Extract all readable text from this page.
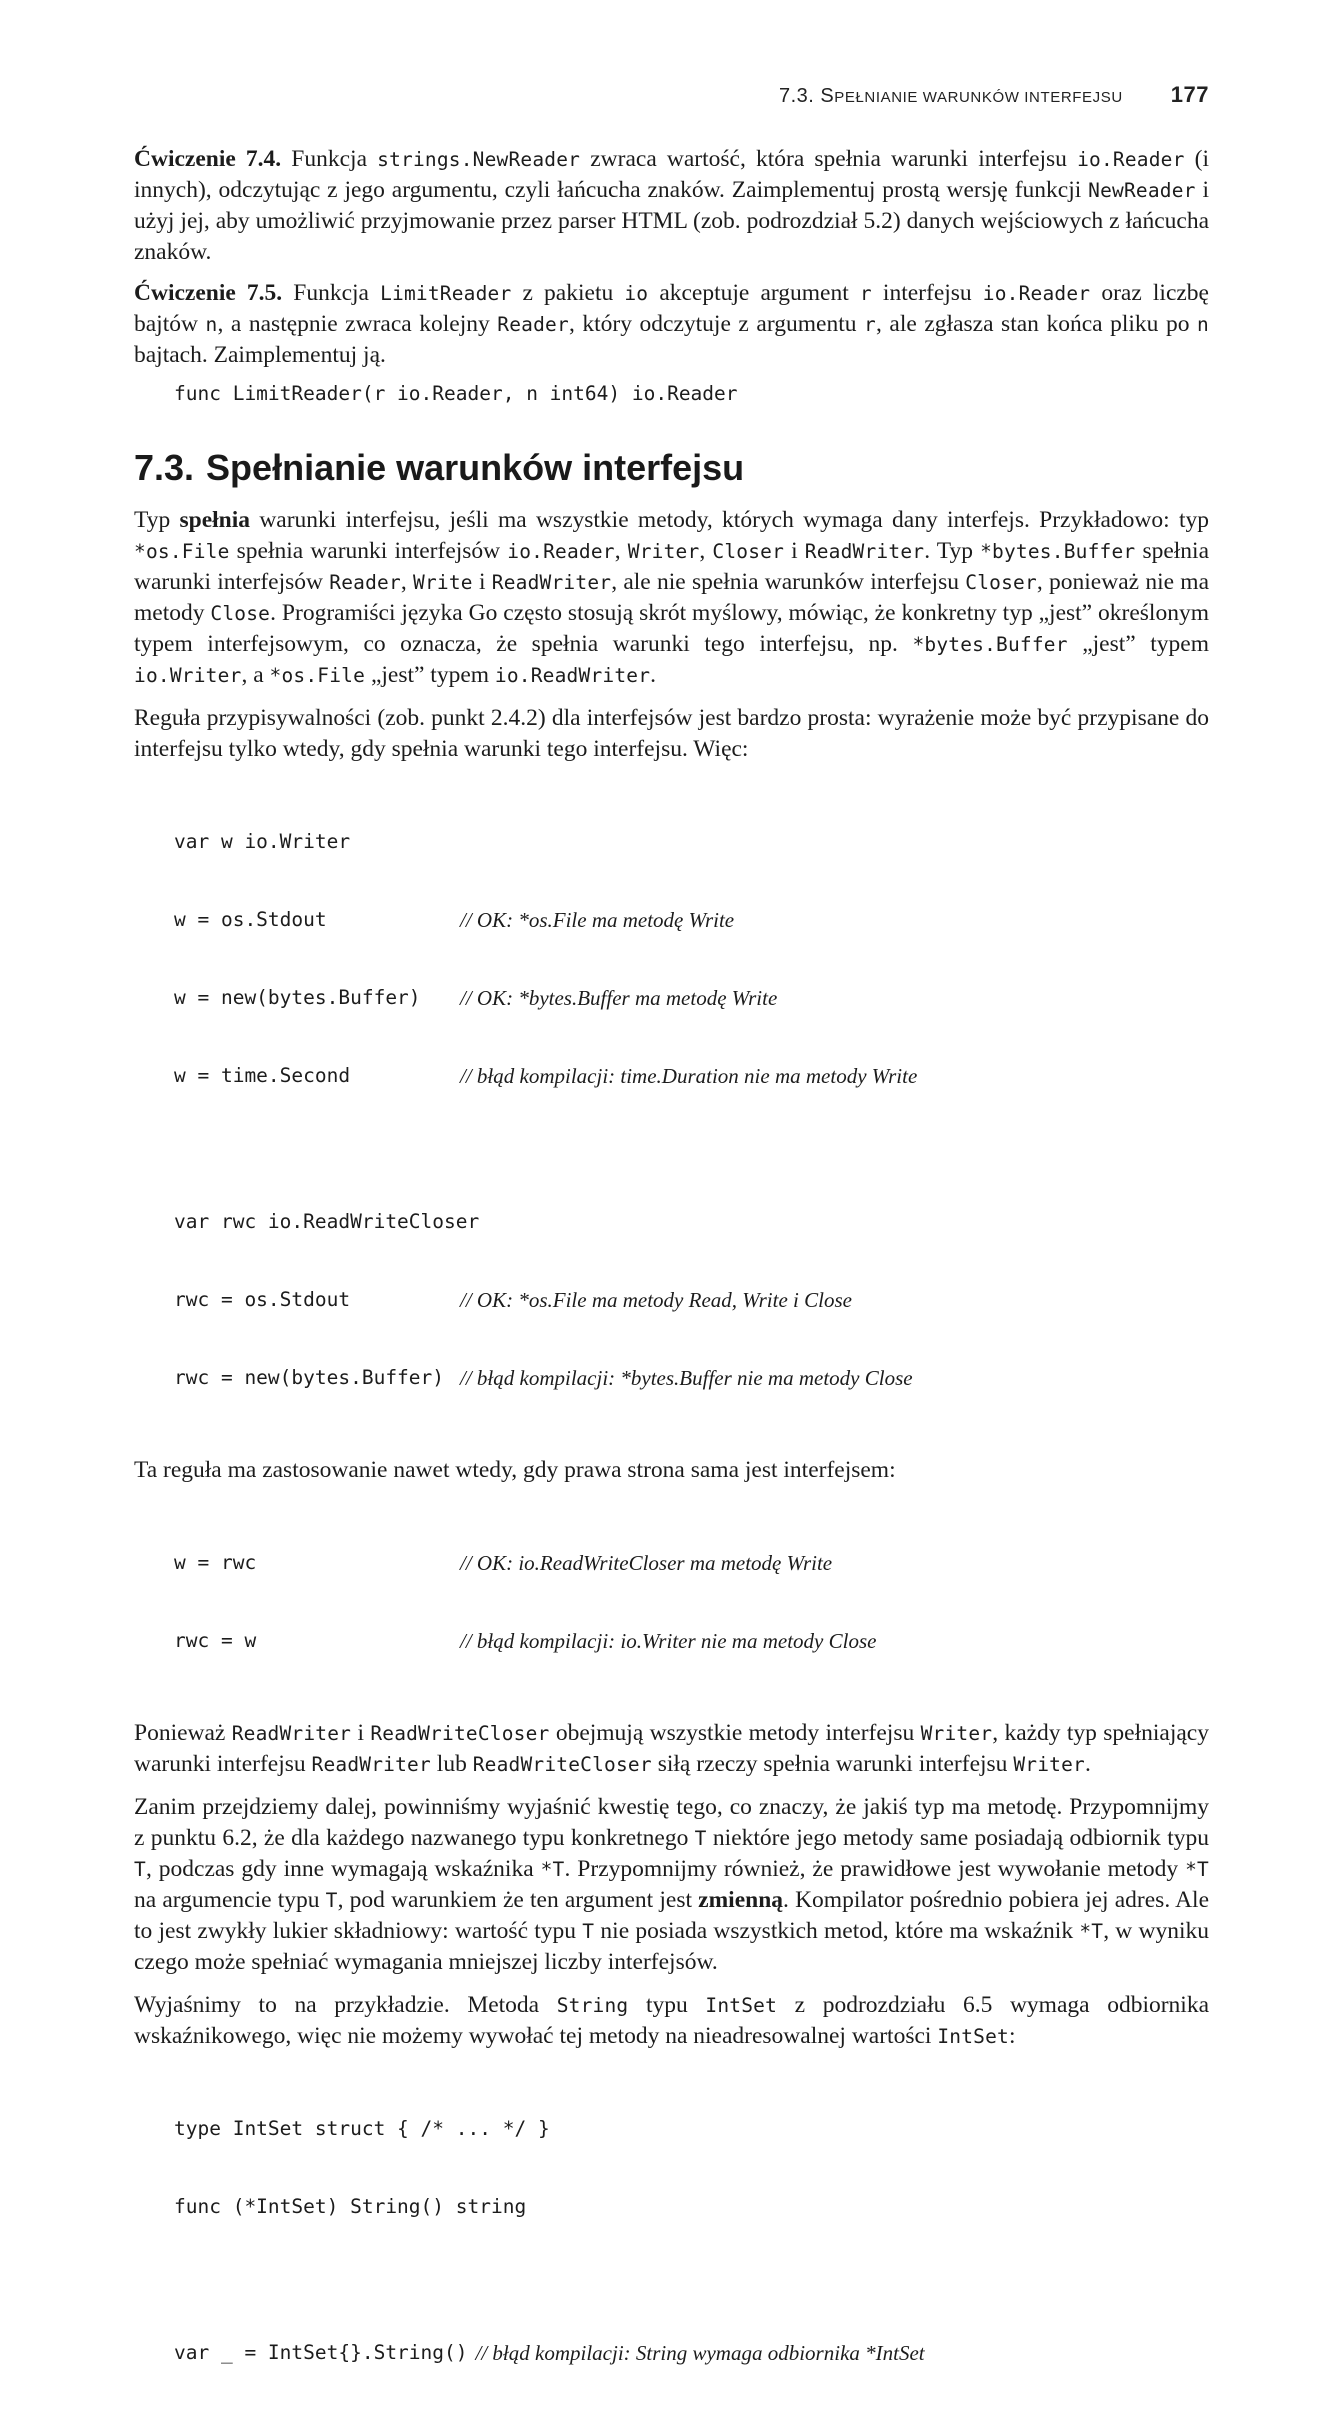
7.3. SPEŁNIANIE WARUNKÓW INTERFEJSU 177

Ćwiczenie 7.4. Funkcja strings.NewReader zwraca wartość, która spełnia warunki interfejsu io.Reader (i innych), odczytując z jego argumentu, czyli łańcucha znaków. Zaimplementuj prostą wersję funkcji NewReader i użyj jej, aby umożliwić przyjmowanie przez parser HTML (zob. podrozdział 5.2) danych wejściowych z łańcucha znaków.

Ćwiczenie 7.5. Funkcja LimitReader z pakietu io akceptuje argument r interfejsu io.Reader oraz liczbę bajtów n, a następnie zwraca kolejny Reader, który odczytuje z argumentu r, ale zgłasza stan końca pliku po n bajtach. Zaimplementuj ją.

func LimitReader(r io.Reader, n int64) io.Reader
7.3. Spełnianie warunków interfejsu

Typ spełnia warunki interfejsu, jeśli ma wszystkie metody, których wymaga dany interfejs. Przykładowo: typ *os.File spełnia warunki interfejsów io.Reader, Writer, Closer i ReadWriter. Typ *bytes.Buffer spełnia warunki interfejsów Reader, Write i ReadWriter, ale nie spełnia warunków interfejsu Closer, ponieważ nie ma metody Close. Programiści języka Go często stosują skrót myślowy, mówiąc, że konkretny typ „jest” określonym typem interfejsowym, co oznacza, że spełnia warunki tego interfejsu, np. *bytes.Buffer „jest” typem io.Writer, a *os.File „jest” typem io.ReadWriter.

Reguła przypisywalności (zob. punkt 2.4.2) dla interfejsów jest bardzo prosta: wyrażenie może być przypisane do interfejsu tylko wtedy, gdy spełnia warunki tego interfejsu. Więc:

var w io.Writer

w = os.Stdout	// OK: *os.File ma metodę Write

w = new(bytes.Buffer)	// OK: *bytes.Buffer ma metodę Write

w = time.Second	// błąd kompilacji: time.Duration nie ma metody Write

var rwc io.ReadWriteCloser

rwc = os.Stdout	// OK: *os.File ma metody Read, Write i Close

rwc = new(bytes.Buffer) // błąd kompilacji: *bytes.Buffer nie ma metody Close

Ta reguła ma zastosowanie nawet wtedy, gdy prawa strona sama jest interfejsem:

w = rwc	// OK: io.ReadWriteCloser ma metodę Write

rwc = w	// błąd kompilacji: io.Writer nie ma metody Close

Ponieważ ReadWriter i ReadWriteCloser obejmują wszystkie metody interfejsu Writer, każdy typ spełniający warunki interfejsu ReadWriter lub ReadWriteCloser siłą rzeczy spełnia warunki interfejsu Writer.

Zanim przejdziemy dalej, powinniśmy wyjaśnić kwestię tego, co znaczy, że jakiś typ ma metodę. Przypomnijmy z punktu 6.2, że dla każdego nazwanego typu konkretnego T niektóre jego metody same posiadają odbiornik typu T, podczas gdy inne wymagają wskaźnika *T. Przypomnijmy również, że prawidłowe jest wywołanie metody *T na argumencie typu T, pod warunkiem że ten argument jest zmienną. Kompilator pośrednio pobiera jej adres. Ale to jest zwykły lukier składniowy: wartość typu T nie posiada wszystkich metod, które ma wskaźnik *T, w wyniku czego może spełniać wymagania mniejszej liczby interfejsów.

Wyjaśnimy to na przykładzie. Metoda String typu IntSet z podrozdziału 6.5 wymaga odbiornika wskaźnikowego, więc nie możemy wywołać tej metody na nieadresowalnej wartości IntSet:

type IntSet struct { /* ... */ }

func (*IntSet) String() string

var _ = IntSet{}.String() // błąd kompilacji: String wymaga odbiornika *IntSet
